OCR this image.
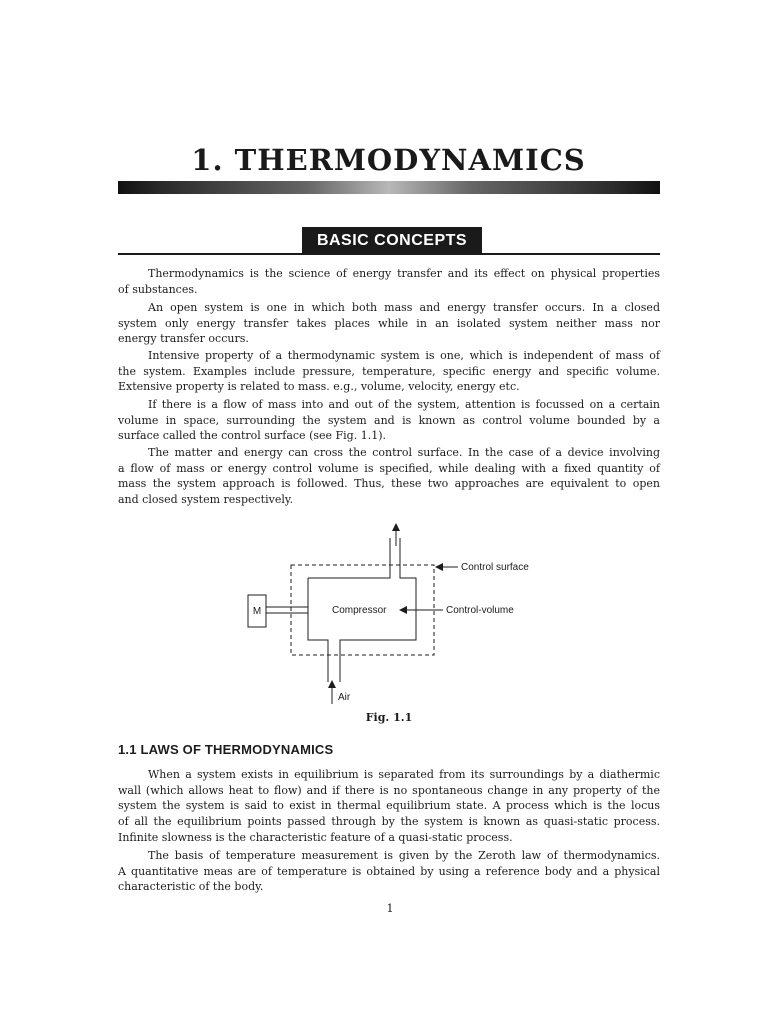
1. THERMODYNAMICS
BASIC CONCEPTS

Thermodynamics is the science of energy transfer and its effect on physical properties
of substances.

An open system is one in which both mass and energy transfer occurs. In a closed
system only energy transfer takes places while in an isolated system neither mass nor
energy transfer occurs.

Intensive property of a thermodynamic system is one, which is independent of mass of
the system. Examples include pressure, temperature, specific energy and specific volume.
Extensive property is related to mass. e.g., volume, velocity, energy etc.

If there is a flow of mass into and out of the system, attention is focussed on a certain
volume in space, surrounding the system and is known as control volume bounded by a
surface called the control surface (see Fig. 1.1).

The matter and energy can cross the control surface. In the case of a device involving
a flow of mass or energy control volume is specified, while dealing with a fixed quantity of
mass the system approach is followed. Thus, these two approaches are equivalent to open
and closed system respectively.

M	Compressor
Air
Control surface
Control-volume
Fig. 1.1
1.1 LAWS OF THERMODYNAMICS

When a system exists in equilibrium is separated from its surroundings by a diathermic
wall (which allows heat to flow) and if there is no spontaneous change in any property of the
system the system is said to exist in thermal equilibrium state. A process which is the locus
of all the equilibrium points passed through by the system is known as quasi-static process.
Infinite slowness is the characteristic feature of a quasi-static process.

The basis of temperature measurement is given by the Zeroth law of thermodynamics.
A quantitative meas are of temperature is obtained by using a reference body and a physical
characteristic of the body.

1
